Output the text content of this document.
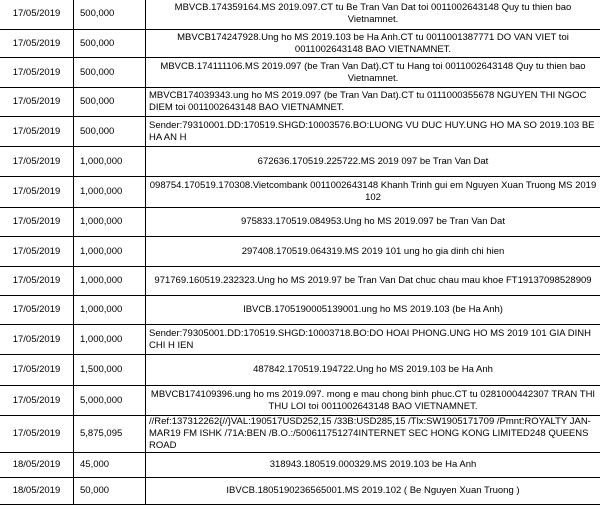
17/05/2019	500,000	MBVCB.174359164.MS 2019.097.CT tu Be Tran Van Dat toi 0011002643148 Quy tu thien bao Vietnamnet.
17/05/2019	500,000	MBVCB174247928.Ung ho MS 2019.103 be Ha Anh.CT tu 0011001387771 DO VAN VIET toi 0011002643148 BAO VIETNAMNET.
17/05/2019	500,000	MBVCB.174111106.MS 2019.097 (be Tran Van Dat).CT tu Hang toi 0011002643148 Quy tu thien bao Vietnamnet.
17/05/2019	500,000	MBVCB174039343.ung ho MS 2019.097 (be Tran Van Dat).CT tu 0111000355678 NGUYEN THI NGOC DIEM toi 0011002643148 BAO VIETNAMNET.
17/05/2019	500,000	Sender:79310001.DD:170519.SHGD:10003576.BO:LUONG VU DUC HUY.UNG HO MA SO 2019.103 BE HA AN H
17/05/2019	1,000,000	672636.170519.225722.MS 2019 097 be Tran Van Dat
17/05/2019	1,000,000	098754.170519.170308.Vietcombank 0011002643148 Khanh Trinh gui em Nguyen Xuan Truong MS 2019 102
17/05/2019	1,000,000	975833.170519.084953.Ung ho MS 2019.097 be Tran Van Dat
17/05/2019	1,000,000	297408.170519.064319.MS 2019 101 ung ho gia dinh chi hien
17/05/2019	1,000,000	971769.160519.232323.Ung ho MS 2019.97 be Tran Van Dat chuc chau mau khoe FT19137098528909
17/05/2019	1,000,000	IBVCB.1705190005139001.ung ho MS 2019.103 (be Ha Anh)
17/05/2019	1,000,000	Sender:79305001.DD:170519.SHGD:10003718.BO:DO HOAI PHONG.UNG HO MS 2019 101 GIA DINH CHI H IEN
17/05/2019	1,500,000	487842.170519.194722.Ung ho MS 2019.103 be Ha Anh
17/05/2019	5,000,000	MBVCB174109396.ung ho ms 2019.097. mong e mau chong binh phuc.CT tu 0281000442307 TRAN THI THU LOI toi 0011002643148 BAO VIETNAMNET.
17/05/2019	5,875,095	//Ref:137312262{//}VAL:190517USD252,15 /33B:USD285,15 /Tlx:SW1905171709 /Pmnt:ROYALTY JAN-MAR19 FM ISHK /71A:BEN /B.O.:/500611751274INTERNET SEC HONG KONG LIMITED248 QUEENS ROAD
18/05/2019	45,000	318943.180519.000329.MS 2019.103 be Ha Anh
18/05/2019	50,000	IBVCB.1805190236565001.MS 2019.102 ( Be Nguyen Xuan Truong )
